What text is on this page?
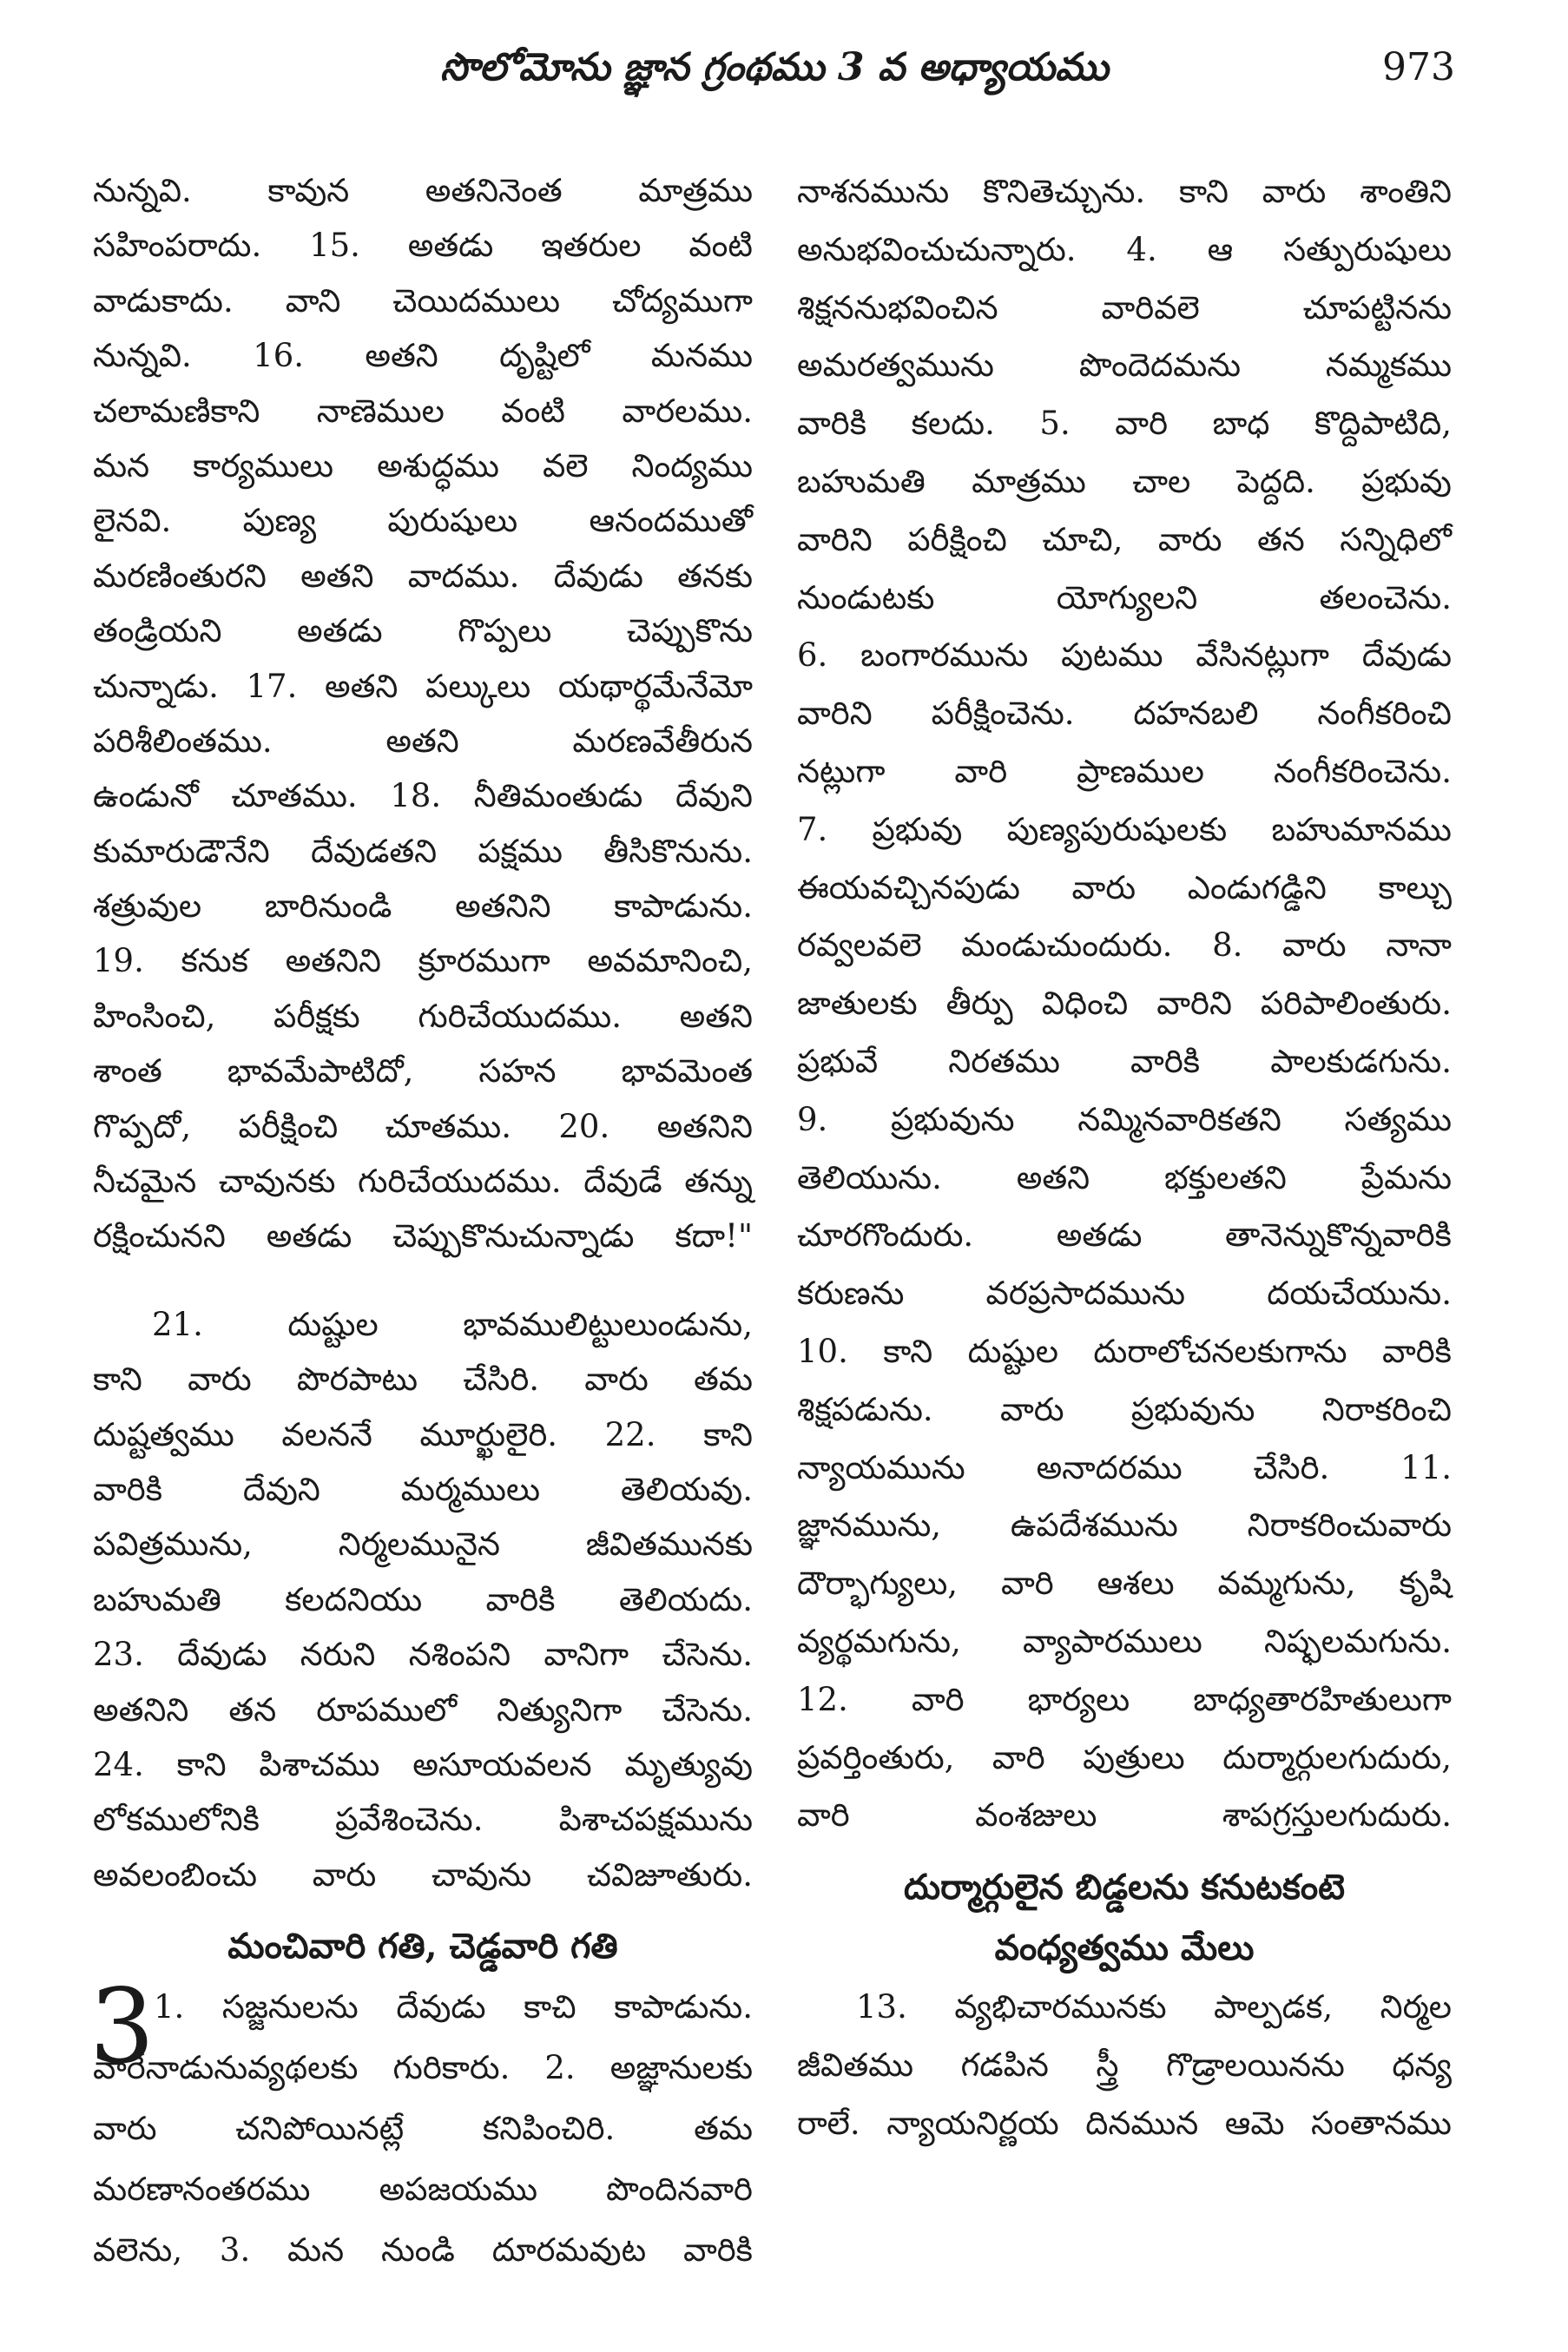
సొలోమోను జ్ఞాన గ్రంథము 3 వ అధ్యాయము	973
నున్నవి. కావున అతనినెంత మాత్రము
సహింపరాదు. 15. అతడు ఇతరుల వంటి
వాడుకాదు. వాని చెయిదములు చోద్యముగా
నున్నవి. 16. అతని దృష్టిలో మనము
చలామణికాని నాణెముల వంటి వారలము.
మన కార్యములు అశుద్ధము వలె నింద్యము
లైనవి. పుణ్య పురుషులు ఆనందముతో
మరణింతురని అతని వాదము. దేవుడు తనకు
తండ్రియని అతడు గొప్పలు చెప్పుకొను
చున్నాడు. 17. అతని పల్కులు యథార్థమేనేమో
పరిశీలింతము. అతని మరణవేతీరున
ఉండునో చూతము. 18. నీతిమంతుడు దేవుని
కుమారుడౌనేని దేవుడతని పక్షము తీసికొనును.
శత్రువుల బారినుండి అతనిని కాపాడును.
19. కనుక అతనిని క్రూరముగా అవమానించి,
హింసించి, పరీక్షకు గురిచేయుదము. అతని
శాంత భావమేపాటిదో, సహన భావమెంత
గొప్పదో, పరీక్షించి చూతము. 20. అతనిని
నీచమైన చావునకు గురిచేయుదము. దేవుడే తన్ను
రక్షించునని అతడు చెప్పుకొనుచున్నాడు కదా!"
21. దుష్టుల భావములిట్టులుండును,
కాని వారు పొరపాటు చేసిరి. వారు తమ
దుష్టత్వము వలననే మూర్ఖులైరి. 22. కాని
వారికి దేవుని మర్మములు తెలియవు.
పవిత్రమును, నిర్మలమునైన జీవితమునకు
బహుమతి కలదనియు వారికి తెలియదు.
23. దేవుడు నరుని నశింపని వానిగా చేసెను.
అతనిని తన రూపములో నిత్యునిగా చేసెను.
24. కాని పిశాచము అసూయవలన మృత్యువు
లోకములోనికి ప్రవేశించెను. పిశాచపక్షమును
అవలంబించు వారు చావును చవిజూతురు.
మంచివారి గతి, చెడ్డవారి గతి
3
1. సజ్జనులను దేవుడు కాచి కాపాడును.
వారేనాడునువ్యథలకు గురికారు. 2. అజ్ఞానులకు
వారు చనిపోయినట్లే కనిపించిరి. తమ
మరణానంతరము అపజయము పొందినవారి
వలెను, 3. మన నుండి దూరమవుట వారికి
నాశనమును కొనితెచ్చును. కాని వారు శాంతిని
అనుభవించుచున్నారు. 4. ఆ సత్పురుషులు
శిక్షననుభవించిన వారివలె చూపట్టినను
అమరత్వమును పొందెదమను నమ్మకము
వారికి కలదు. 5. వారి బాధ కొద్దిపాటిది,
బహుమతి మాత్రము చాల పెద్దది. ప్రభువు
వారిని పరీక్షించి చూచి, వారు తన సన్నిధిలో
నుండుటకు యోగ్యులని తలంచెను.
6. బంగారమును పుటము వేసినట్లుగా దేవుడు
వారిని పరీక్షించెను. దహనబలి నంగీకరించి
నట్లుగా వారి ప్రాణముల నంగీకరించెను.
7. ప్రభువు పుణ్యపురుషులకు బహుమానము
ఈయవచ్చినపుడు వారు ఎండుగడ్డిని కాల్చు
రవ్వలవలె మండుచుందురు. 8. వారు నానా
జాతులకు తీర్పు విధించి వారిని పరిపాలింతురు.
ప్రభువే నిరతము వారికి పాలకుడగును.
9. ప్రభువును నమ్మినవారికతని సత్యము
తెలియును. అతని భక్తులతని ప్రేమను
చూరగొందురు. అతడు తానెన్నుకొన్నవారికి
కరుణను వరప్రసాదమును దయచేయును.
10. కాని దుష్టుల దురాలోచనలకుగాను వారికి
శిక్షపడును. వారు ప్రభువును నిరాకరించి
న్యాయమును అనాదరము చేసిరి. 11.
జ్ఞానమును, ఉపదేశమును నిరాకరించువారు
దౌర్భాగ్యులు, వారి ఆశలు వమ్మగును, కృషి
వ్యర్థమగును, వ్యాపారములు నిష్ఫలమగును.
12. వారి భార్యలు బాధ్యతారహితులుగా
ప్రవర్తింతురు, వారి పుత్రులు దుర్మార్గులగుదురు,
వారి వంశజులు శాపగ్రస్తులగుదురు.
దుర్మార్గులైన బిడ్డలను కనుటకంటె
వంధ్యత్వము మేలు
13. వ్యభిచారమునకు పాల్పడక, నిర్మల
జీవితము గడపిన స్త్రీ గొడ్రాలయినను ధన్య
రాలే. న్యాయనిర్ణయ దినమున ఆమె సంతానము
